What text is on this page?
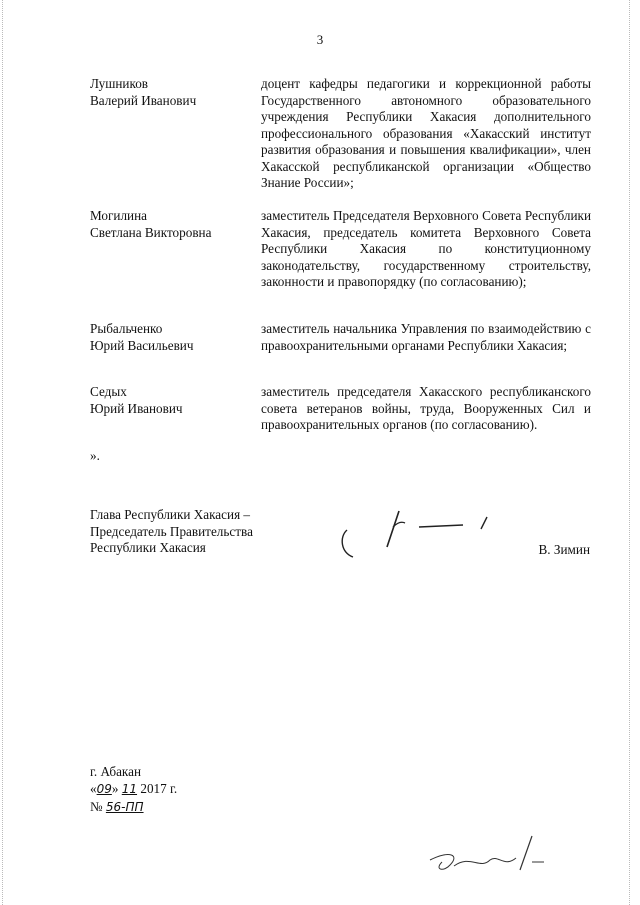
3
Лушников
Валерий Иванович
доцент кафедры педагогики и коррекционной работы Государственного автономного образовательного учреждения Республики Хакасия дополнительного профессионального образования «Хакасский институт развития образования и повышения квалификации», член Хакасской республиканской организации «Общество Знание России»;
Могилина
Светлана Викторовна
заместитель Председателя Верховного Совета Республики Хакасия, председатель комитета Верховного Совета Республики Хакасия по конституционному законодательству, государственному строительству, законности и правопорядку (по согласованию);
Рыбальченко
Юрий Васильевич
заместитель начальника Управления по взаимодействию с правоохранительными органами Республики Хакасия;
Седых
Юрий Иванович
заместитель председателя Хакасского республиканского совета ветеранов войны, труда, Вооруженных Сил и правоохранительных органов (по согласованию).
».
Глава Республики Хакасия –
Председатель Правительства
Республики Хакасия	В. Зимин
г. Абакан
«09» 11 2017 г.
№ 56-ПП
